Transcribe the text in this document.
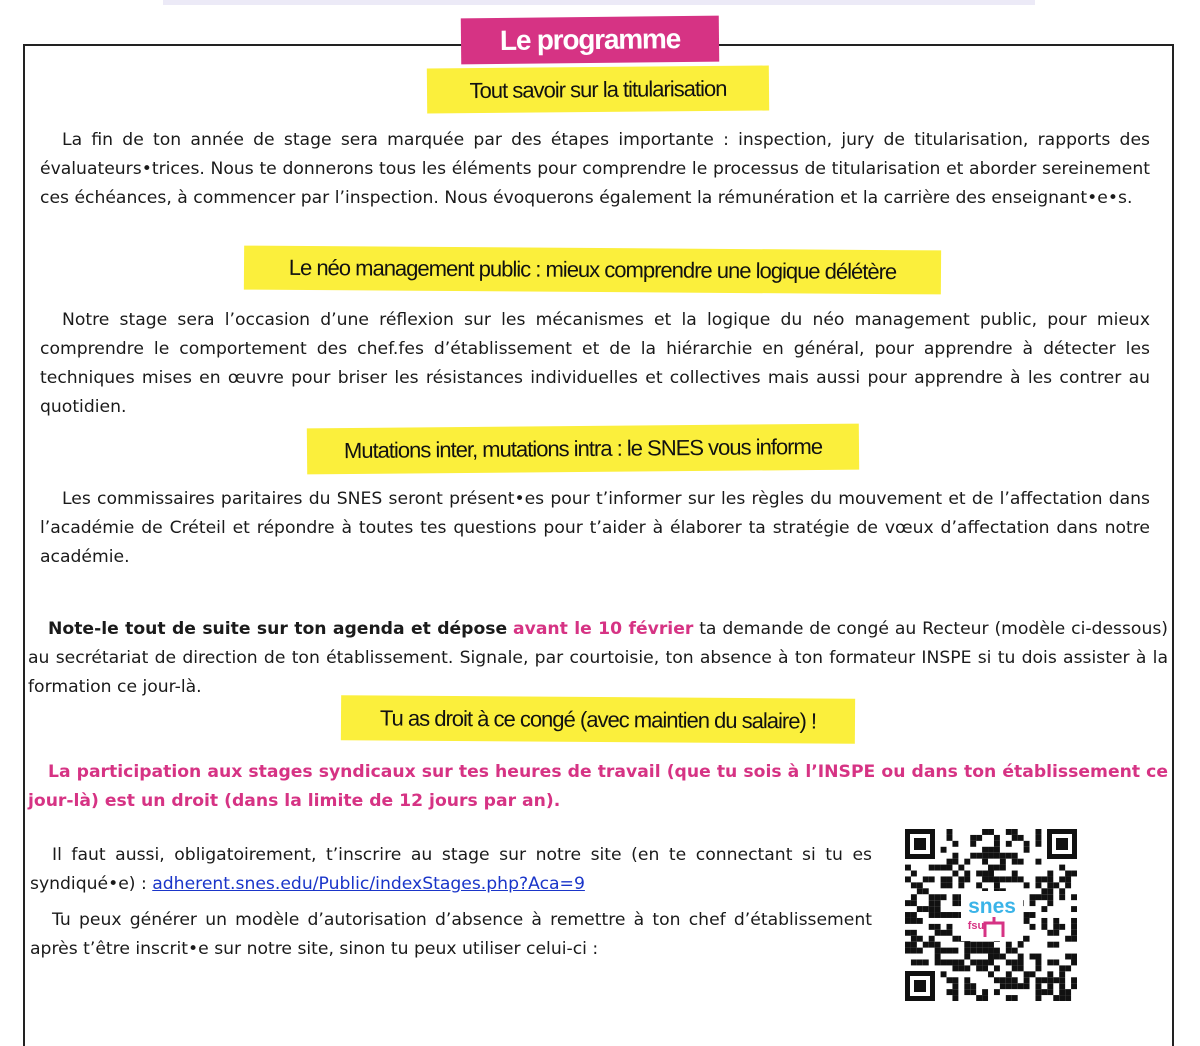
Le programme
Tout savoir sur la titularisation

La fin de ton année de stage sera marquée par des étapes importante : inspection, jury de titularisation, rapports des évaluateurs•trices. Nous te donnerons tous les éléments pour comprendre le processus de titularisation et aborder sereinement ces échéances, à commencer par l’inspection. Nous évoquerons également la rémunération et la carrière des enseignant•e•s.

Le néo management public : mieux comprendre une logique délétère

Notre stage sera l’occasion d’une réflexion sur les mécanismes et la logique du néo management public, pour mieux comprendre le comportement des chef.fes d’établissement et de la hiérarchie en général, pour apprendre à détecter les techniques mises en œuvre pour briser les résistances individuelles et collectives mais aussi pour apprendre à les contrer au quotidien.

Mutations inter, mutations intra : le SNES vous informe

Les commissaires paritaires du SNES seront présent•es pour t’informer sur les règles du mouvement et de l’affectation dans l’académie de Créteil et répondre à toutes tes questions pour t’aider à élaborer ta stratégie de vœux d’affectation dans notre académie.

Note-le tout de suite sur ton agenda et dépose avant le 10 février ta demande de congé au Recteur (modèle ci-dessous) au secrétariat de direction de ton établissement. Signale, par courtoisie, ton absence à ton formateur INSPE si tu dois assister à la formation ce jour-là.

Tu as droit à ce congé (avec maintien du salaire) !

La participation aux stages syndicaux sur tes heures de travail (que tu sois à l’INSPE ou dans ton établissement ce jour-là) est un droit (dans la limite de 12 jours par an).

Il faut aussi, obligatoirement, t’inscrire au stage sur notre site (en te connectant si tu es syndiqué•e) : adherent.snes.edu/Public/indexStages.php?Aca=9

Tu peux générer un modèle d’autorisation d’absence à remettre à ton chef d’établissement après t’être inscrit•e sur notre site, sinon tu peux utiliser celui-ci :

snes
fsu
